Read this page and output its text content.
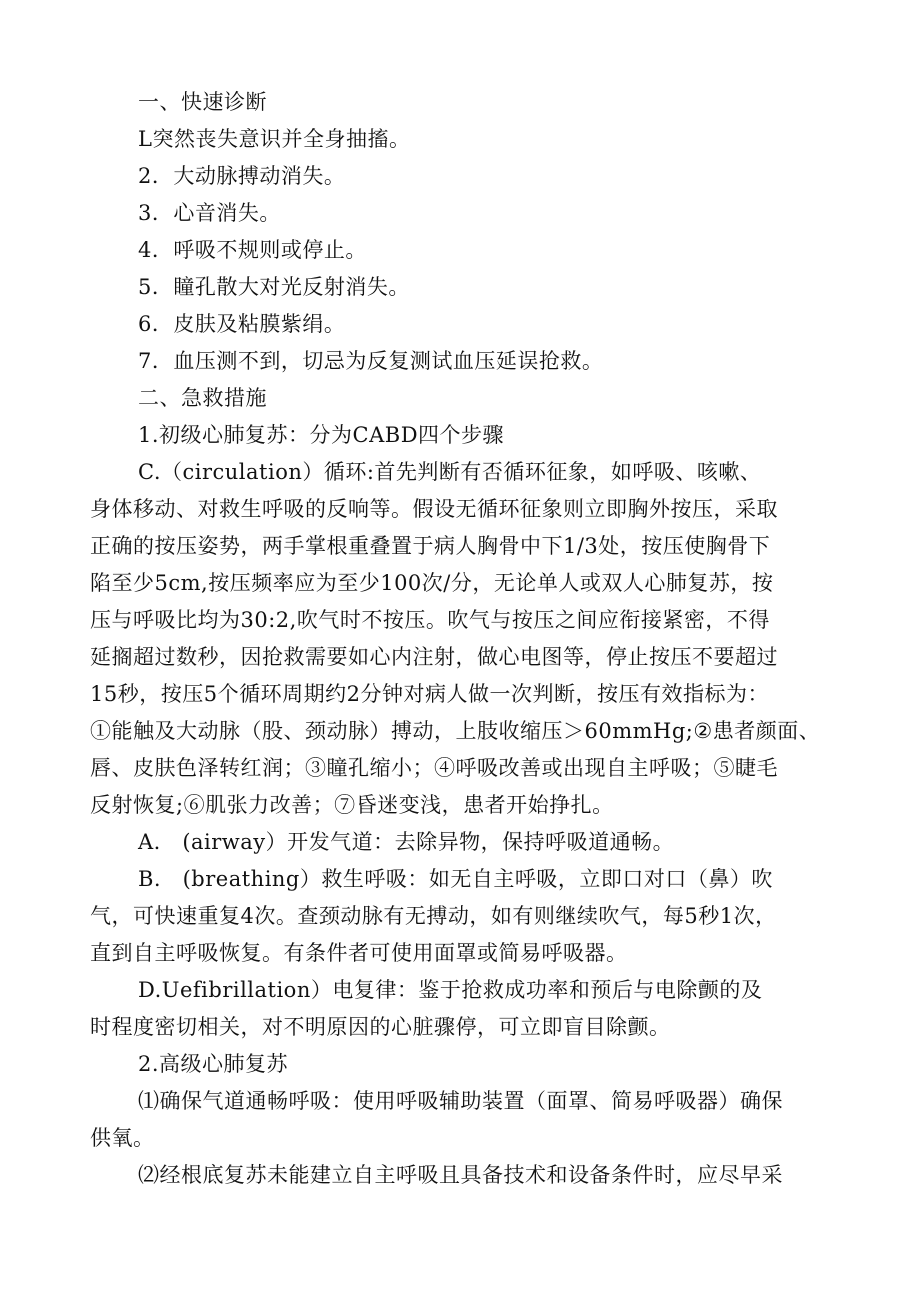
一、快速诊断
L突然丧失意识并全身抽搐。
2．大动脉搏动消失。
3．心音消失。
4．呼吸不规则或停止。
5．瞳孔散大对光反射消失。
6．皮肤及粘膜紫绢。
7．血压测不到，切忌为反复测试血压延误抢救。
二、急救措施
1.初级心肺复苏：分为CABD四个步骤
C.（circulation）循环:首先判断有否循环征象，如呼吸、咳嗽、
身体移动、对救生呼吸的反响等。假设无循环征象则立即胸外按压，采取
正确的按压姿势，两手掌根重叠置于病人胸骨中下1/3处，按压使胸骨下
陷至少5cm,按压频率应为至少100次/分，无论单人或双人心肺复苏，按
压与呼吸比均为30:2,吹气时不按压。吹气与按压之间应衔接紧密，不得
延搁超过数秒，因抢救需要如心内注射，做心电图等，停止按压不要超过
15秒，按压5个循环周期约2分钟对病人做一次判断，按压有效指标为：
①能触及大动脉（股、颈动脉）搏动，上肢收缩压＞60mmHg;②患者颜面、
唇、皮肤色泽转红润；③瞳孔缩小；④呼吸改善或出现自主呼吸；⑤睫毛
反射恢复;⑥肌张力改善；⑦昏迷变浅，患者开始挣扎。
A.　(airway）开发气道：去除异物，保持呼吸道通畅。
B.　(breathing）救生呼吸：如无自主呼吸，立即口对口（鼻）吹
气，可快速重复4次。查颈动脉有无搏动，如有则继续吹气，每5秒1次，
直到自主呼吸恢复。有条件者可使用面罩或简易呼吸器。
D.Uefibrillation）电复律：鉴于抢救成功率和预后与电除颤的及
时程度密切相关，对不明原因的心脏骤停，可立即盲目除颤。
2.高级心肺复苏
⑴确保气道通畅呼吸：使用呼吸辅助装置（面罩、简易呼吸器）确保
供氧。
⑵经根底复苏未能建立自主呼吸且具备技术和设备条件时，应尽早采
